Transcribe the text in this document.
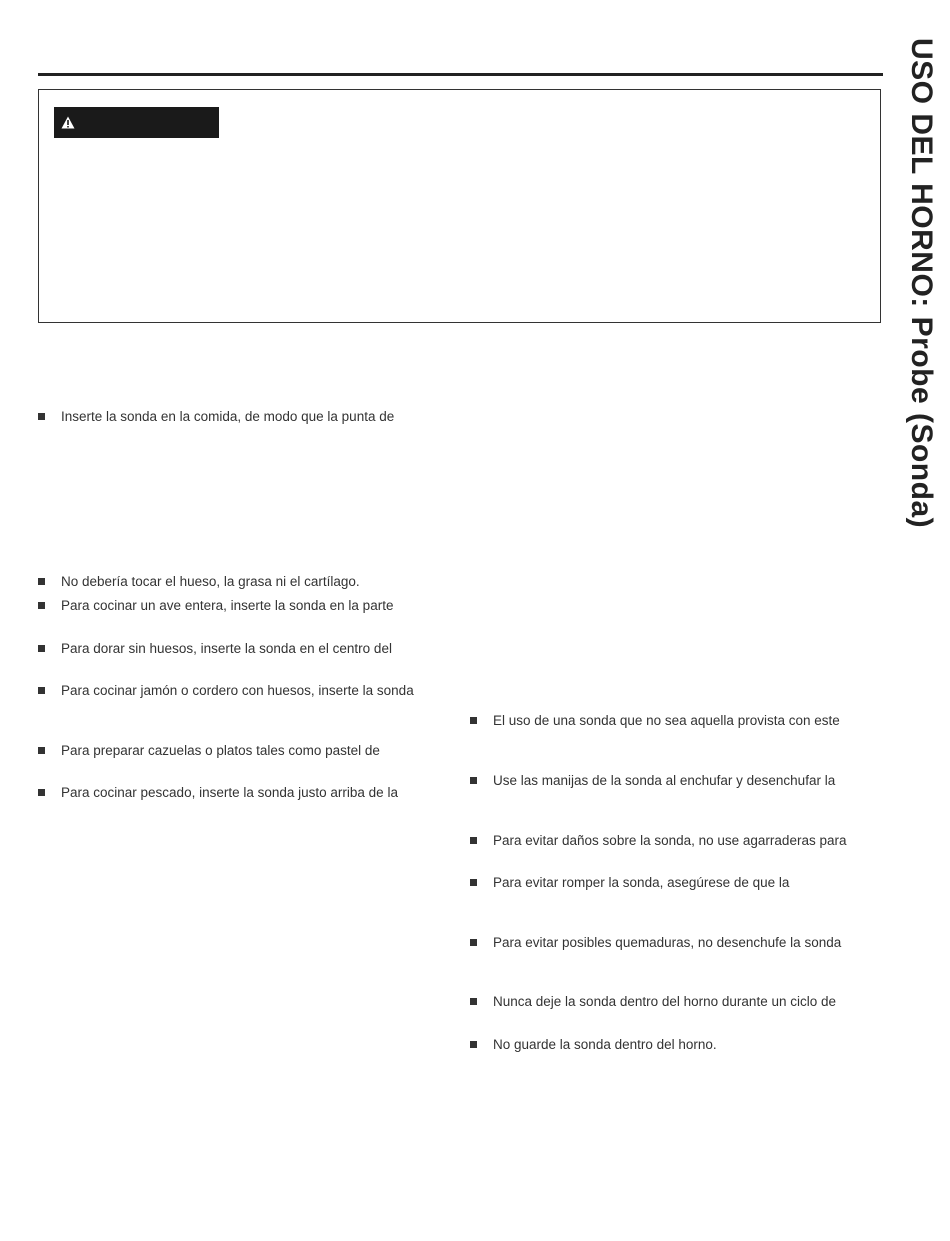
USO DEL HORNO: Probe (Sonda)
Inserte la sonda en la comida, de modo que la punta de
No debería tocar el hueso, la grasa ni el cartílago.
Para cocinar un ave entera, inserte la sonda en la parte
Para dorar sin huesos, inserte la sonda en el centro del
Para cocinar jamón o cordero con huesos, inserte la sonda
Para preparar cazuelas o platos tales como pastel de
Para cocinar pescado, inserte la sonda justo arriba de la
El uso de una sonda que no sea aquella provista con este
Use las manijas de la sonda al enchufar y desenchufar la
Para evitar daños sobre la sonda, no use agarraderas para
Para evitar romper la sonda, asegúrese de que la
Para evitar posibles quemaduras, no desenchufe la sonda
Nunca deje la sonda dentro del horno durante un ciclo de
No guarde la sonda dentro del horno.
